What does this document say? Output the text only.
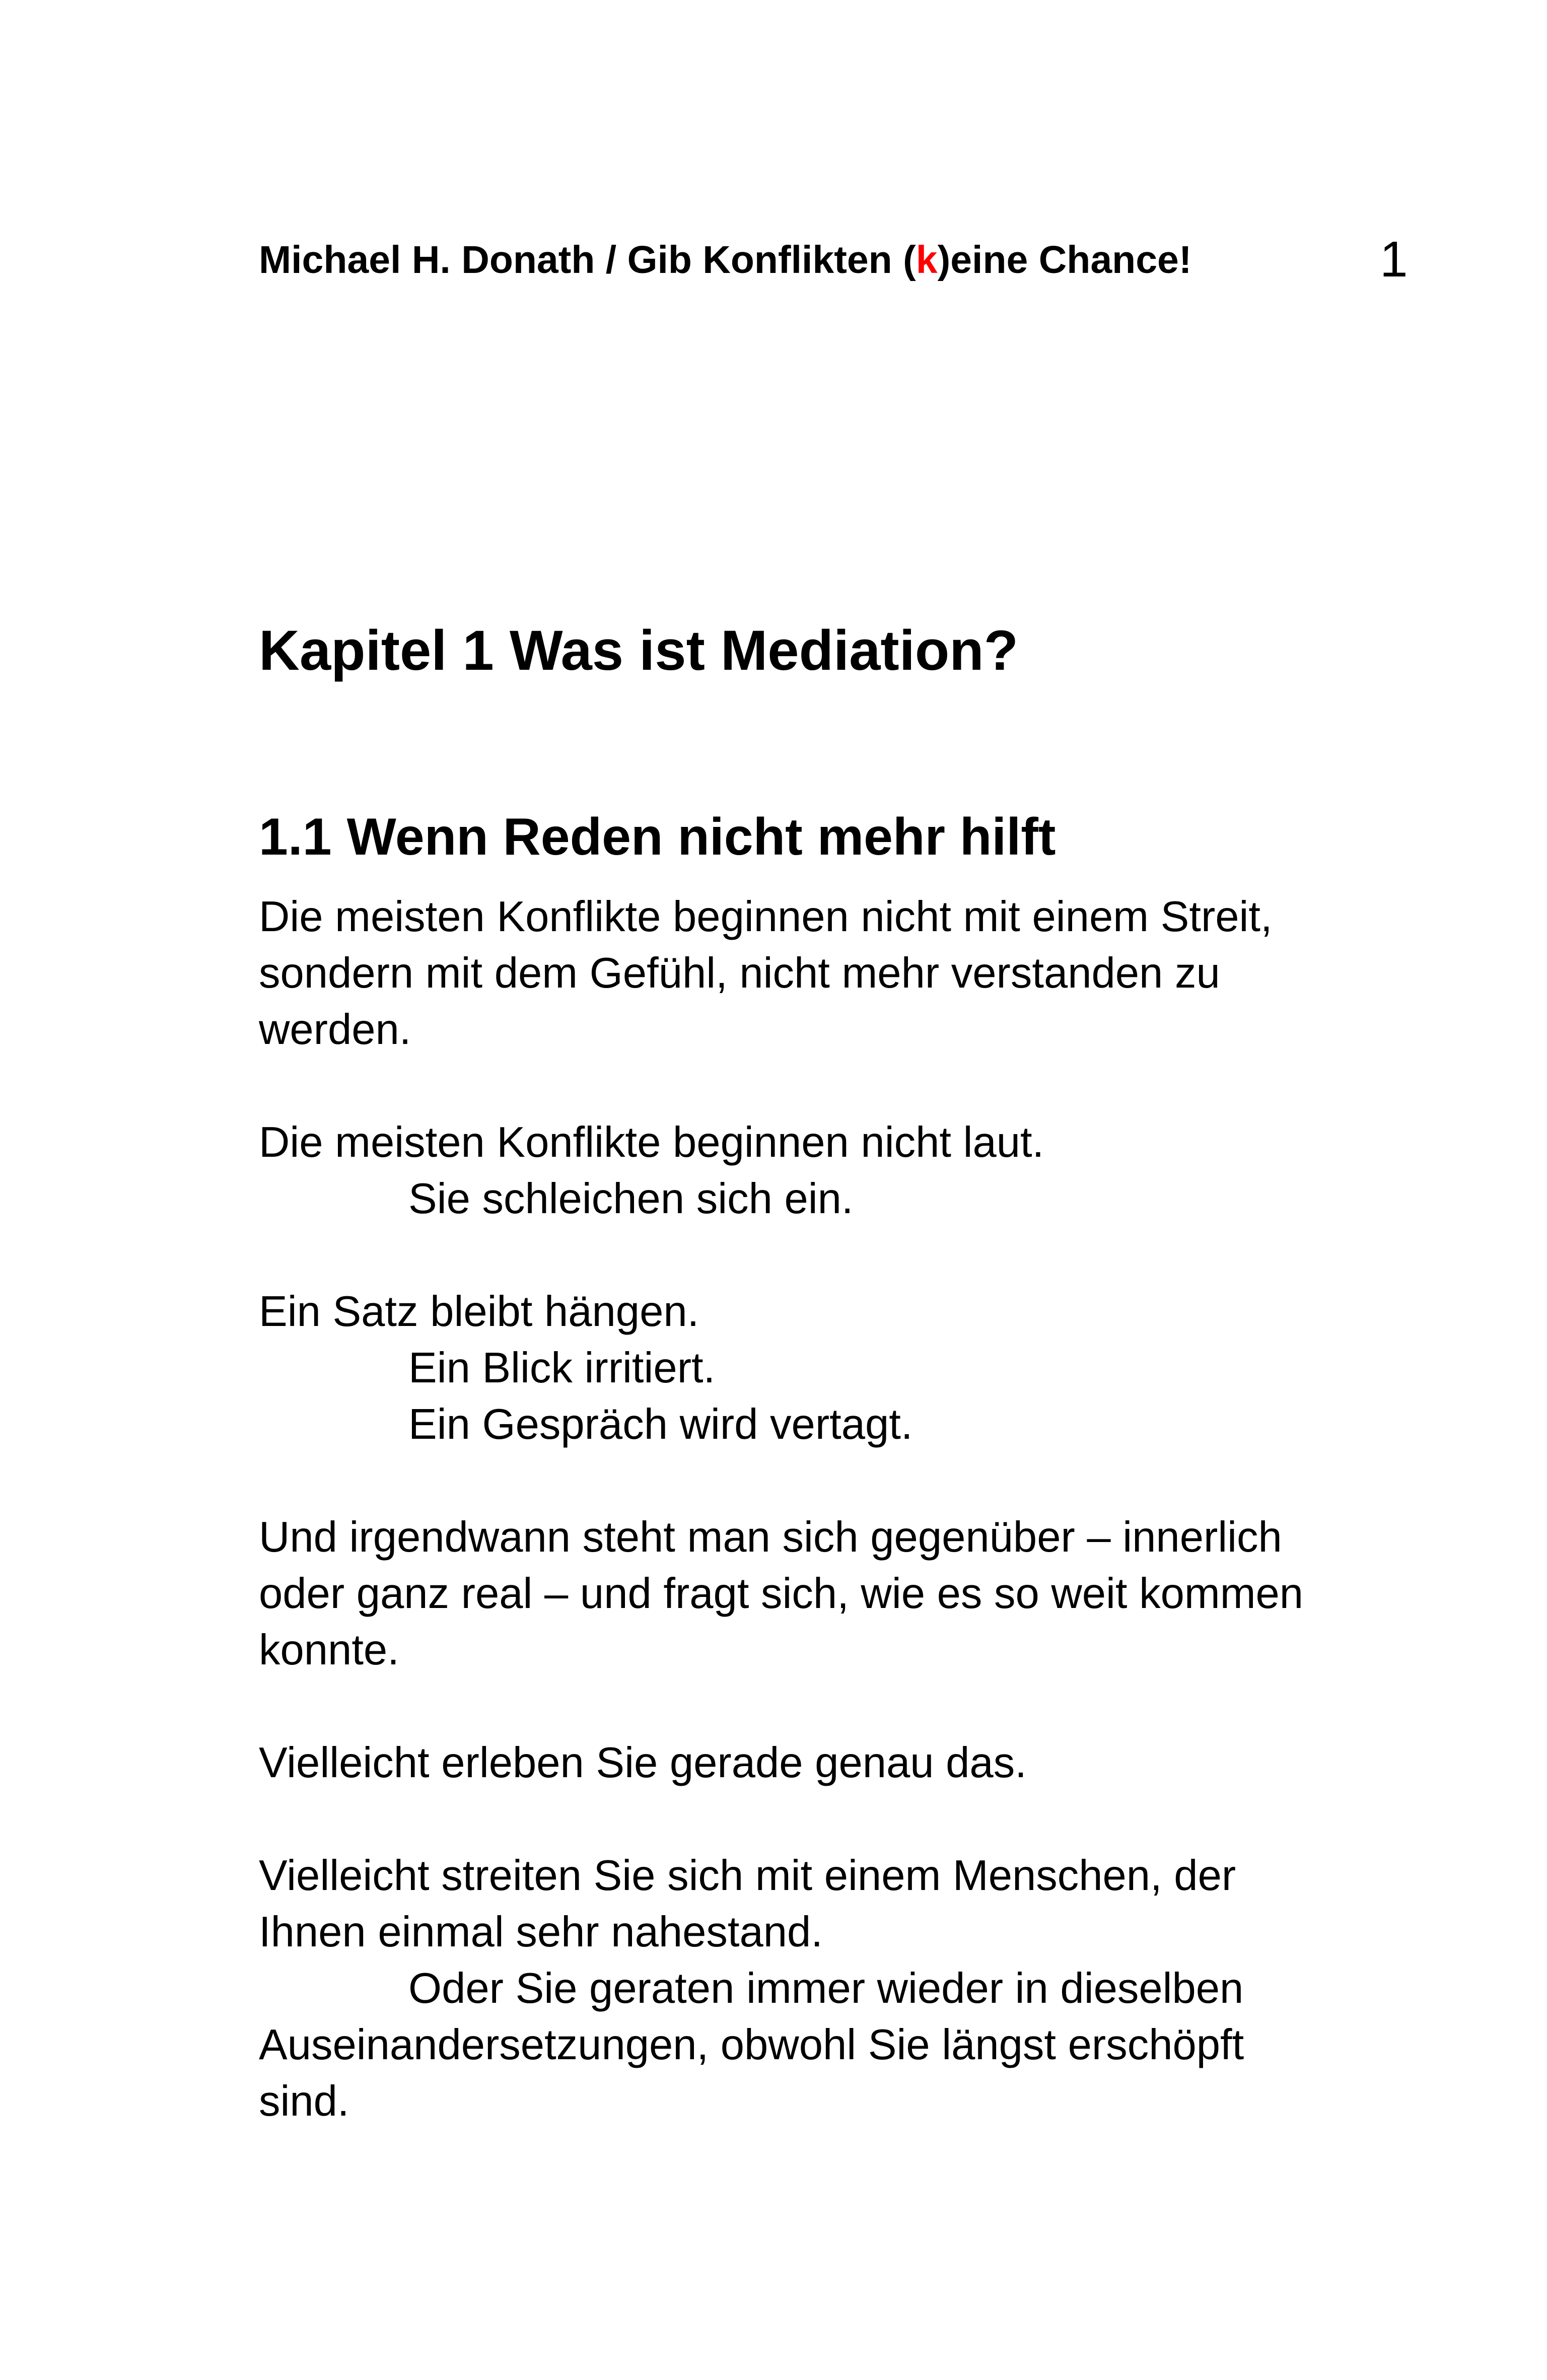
Michael H. Donath / Gib Konflikten (k)eine Chance!	1
Kapitel 1 Was ist Mediation?
1.1 Wenn Reden nicht mehr hilft
Die meisten Konflikte beginnen nicht mit einem Streit,
sondern mit dem Gefühl, nicht mehr verstanden zu
werden.
Die meisten Konflikte beginnen nicht laut.
Sie schleichen sich ein.
Ein Satz bleibt hängen.
Ein Blick irritiert.
Ein Gespräch wird vertagt.
Und irgendwann steht man sich gegenüber – innerlich
oder ganz real – und fragt sich, wie es so weit kommen
konnte.
Vielleicht erleben Sie gerade genau das.
Vielleicht streiten Sie sich mit einem Menschen, der
Ihnen einmal sehr nahestand.
Oder Sie geraten immer wieder in dieselben
Auseinandersetzungen, obwohl Sie längst erschöpft
sind.
